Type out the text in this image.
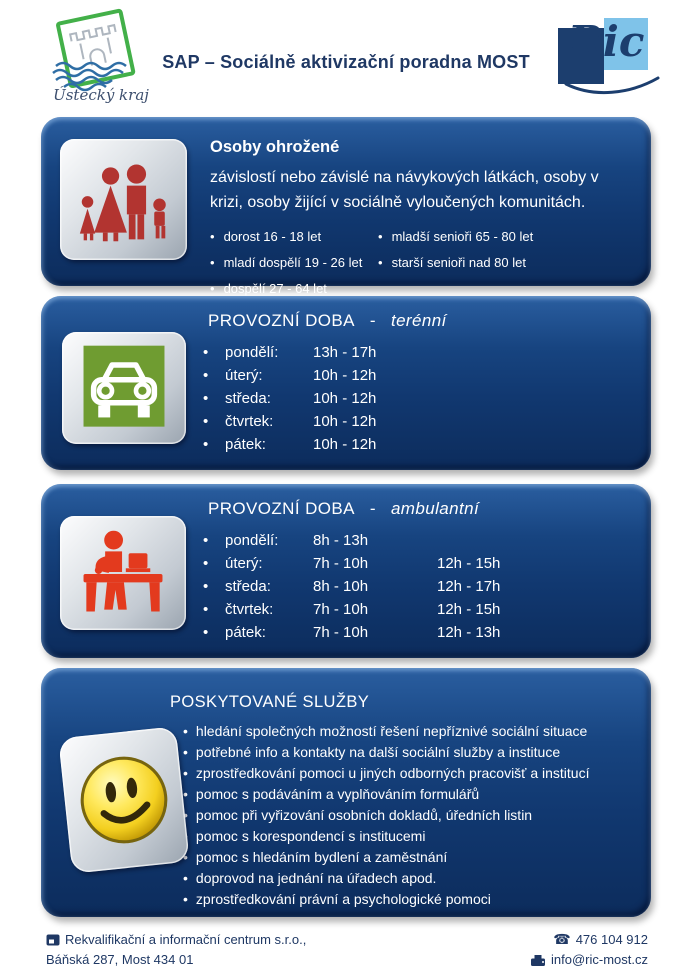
Ústecký kraj
SAP – Sociálně aktivizační poradna MOST Ric
Osoby ohrožené

závislostí nebo závislé na návykových látkách, osoby v krizi, osoby žijící v sociálně vyloučených komunitách.

• dorost 16 - 18 let
• mladí dospělí 19 - 26 let
• dospělí 27 - 64 let
• mladší senioři 65 - 80 let
• starší senioři nad 80 let
PROVOZNÍ DOBA - terénní
• pondělí:	13h - 17h
• úterý:	10h - 12h
• středa:	10h - 12h
• čtvrtek:	10h - 12h
• pátek:	10h - 12h
PROVOZNÍ DOBA - ambulantní
• pondělí:	8h - 13h
• úterý:	7h - 10h	12h - 15h
• středa:	8h - 10h	12h - 17h
• čtvrtek:	7h - 10h	12h - 15h
• pátek:	7h - 10h	12h - 13h
POSKYTOVANÉ SLUŽBY
• hledání společných možností řešení nepříznivé sociální situace
• potřebné info a kontakty na další sociální služby a instituce
• zprostředkování pomoci u jiných odborných pracovišť a institucí
• pomoc s podáváním a vyplňováním formulářů
• pomoc při vyřizování osobních dokladů, úředních listin
• pomoc s korespondencí s institucemi
• pomoc s hledáním bydlení a zaměstnání
• doprovod na jednání na úřadech apod.
• zprostředkování právní a psychologické pomoci
Rekvalifikační a informační centrum s.r.o.,
Báňská 287, Most 434 01
☎ 476 104 912
info@ric-most.cz
